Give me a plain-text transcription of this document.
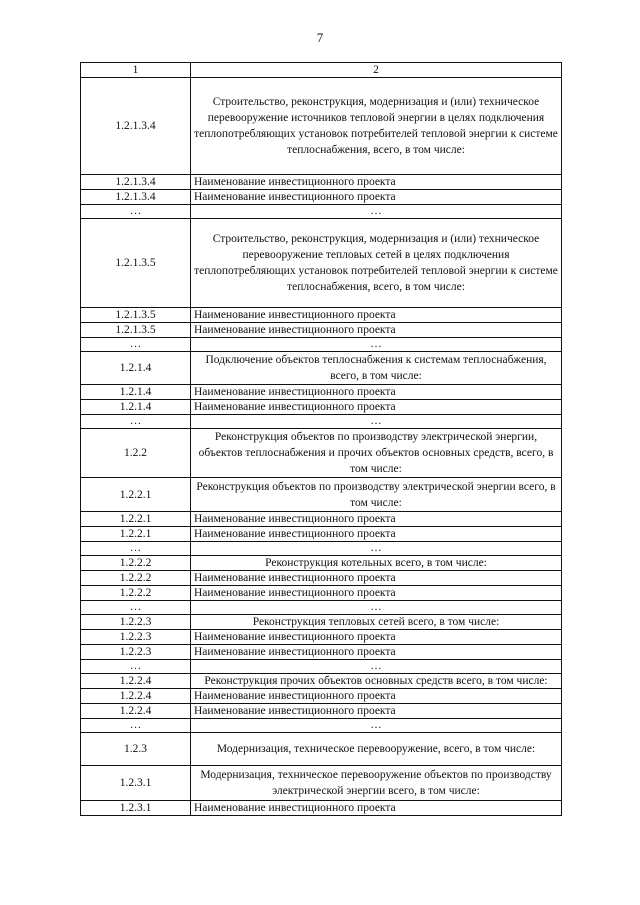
7
1	2
1.2.1.3.4	Строительство, реконструкция, модернизация и (или) техническое перевооружение источников тепловой энергии в целях подключения теплопотребляющих установок потребителей тепловой энергии к системе теплоснабжения, всего, в том числе:
1.2.1.3.4	Наименование инвестиционного проекта
1.2.1.3.4	Наименование инвестиционного проекта
…	…
1.2.1.3.5	Строительство, реконструкция, модернизация и (или) техническое перевооружение тепловых сетей в целях подключения теплопотребляющих установок потребителей тепловой энергии к системе теплоснабжения, всего, в том числе:
1.2.1.3.5	Наименование инвестиционного проекта
1.2.1.3.5	Наименование инвестиционного проекта
…	…
1.2.1.4	Подключение объектов теплоснабжения к системам теплоснабжения, всего, в том числе:
1.2.1.4	Наименование инвестиционного проекта
1.2.1.4	Наименование инвестиционного проекта
…	…
1.2.2	Реконструкция объектов по производству электрической энергии, объектов теплоснабжения и прочих объектов основных средств, всего, в том числе:
1.2.2.1	Реконструкция объектов по производству электрической энергии всего, в том числе:
1.2.2.1	Наименование инвестиционного проекта
1.2.2.1	Наименование инвестиционного проекта
…	…
1.2.2.2	Реконструкция котельных всего, в том числе:
1.2.2.2	Наименование инвестиционного проекта
1.2.2.2	Наименование инвестиционного проекта
…	…
1.2.2.3	Реконструкция тепловых сетей всего, в том числе:
1.2.2.3	Наименование инвестиционного проекта
1.2.2.3	Наименование инвестиционного проекта
…	…
1.2.2.4	Реконструкция прочих объектов основных средств всего, в том числе:
1.2.2.4	Наименование инвестиционного проекта
1.2.2.4	Наименование инвестиционного проекта
…	…
1.2.3	Модернизация, техническое перевооружение, всего, в том числе:
1.2.3.1	Модернизация, техническое перевооружение объектов по производству электрической энергии всего, в том числе:
1.2.3.1	Наименование инвестиционного проекта
